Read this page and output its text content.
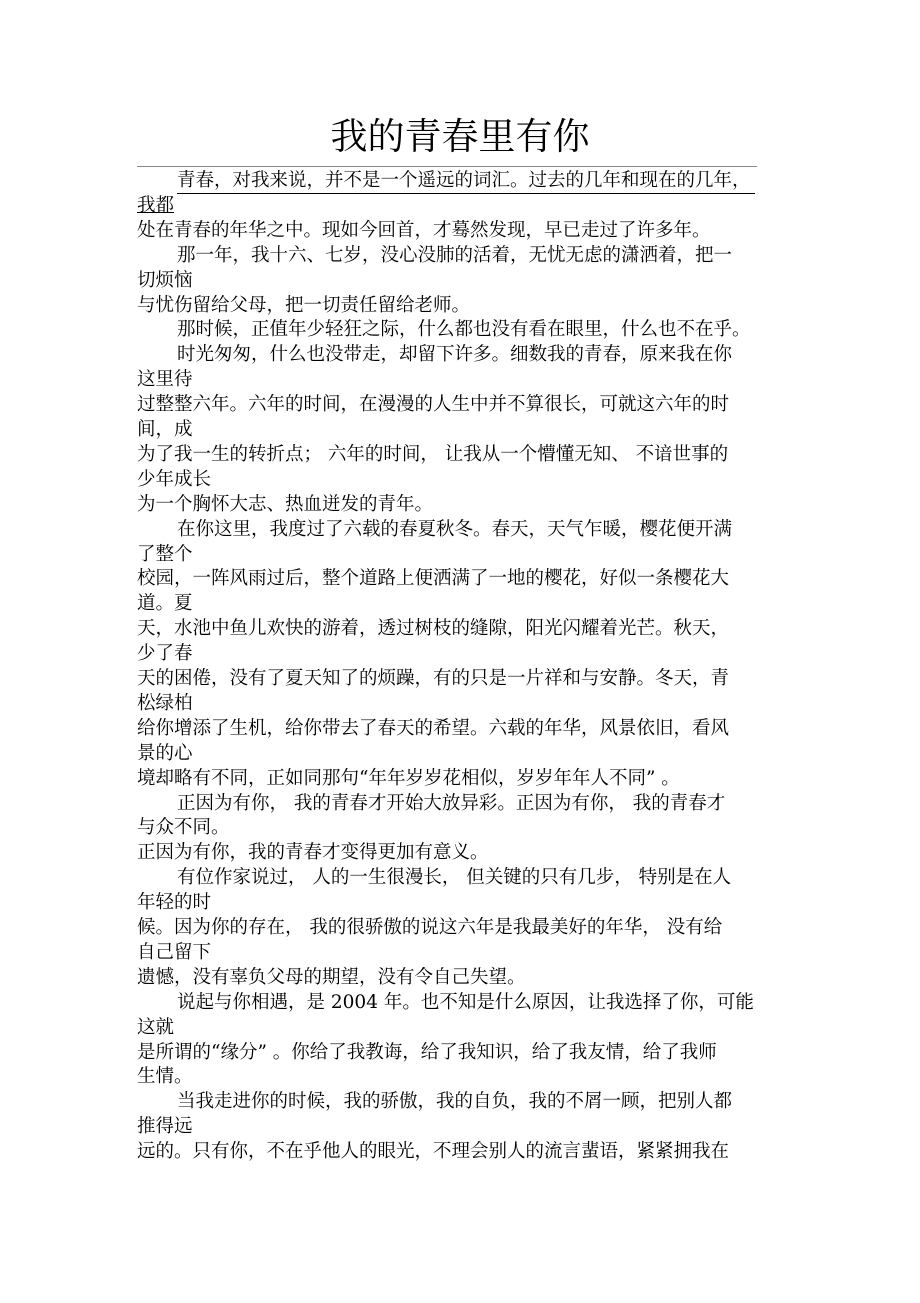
我的青春里有你
青春，对我来说，并不是一个遥远的词汇。过去的几年和现在的几年，
我都
处在青春的年华之中。现如今回首，才蓦然发现，早已走过了许多年。
那一年，我十六、七岁，没心没肺的活着，无忧无虑的潇洒着，把一
切烦恼
与忧伤留给父母，把一切责任留给老师。
那时候，正值年少轻狂之际，什么都也没有看在眼里，什么也不在乎。
时光匆匆，什么也没带走，却留下许多。细数我的青春，原来我在你
这里待
过整整六年。六年的时间，在漫漫的人生中并不算很长，可就这六年的时
间，成
为了我一生的转折点； 六年的时间， 让我从一个懵懂无知、 不谙世事的
少年成长
为一个胸怀大志、热血迸发的青年。
在你这里，我度过了六载的春夏秋冬。春天，天气乍暖，樱花便开满
了整个
校园，一阵风雨过后，整个道路上便洒满了一地的樱花，好似一条樱花大
道。夏
天，水池中鱼儿欢快的游着，透过树枝的缝隙，阳光闪耀着光芒。秋天，
少了春
天的困倦，没有了夏天知了的烦躁，有的只是一片祥和与安静。冬天，青
松绿柏
给你增添了生机，给你带去了春天的希望。六载的年华，风景依旧，看风
景的心
境却略有不同，正如同那句“年年岁岁花相似，岁岁年年人不同” 。
正因为有你， 我的青春才开始大放异彩。正因为有你， 我的青春才
与众不同。
正因为有你，我的青春才变得更加有意义。
有位作家说过， 人的一生很漫长， 但关键的只有几步， 特别是在人
年轻的时
候。因为你的存在， 我的很骄傲的说这六年是我最美好的年华， 没有给
自己留下
遗憾，没有辜负父母的期望，没有令自己失望。
说起与你相遇，是 2004 年。也不知是什么原因，让我选择了你，可能
这就
是所谓的“缘分” 。你给了我教诲，给了我知识，给了我友情，给了我师
生情。
当我走进你的时候，我的骄傲，我的自负，我的不屑一顾，把别人都
推得远
远的。只有你，不在乎他人的眼光，不理会别人的流言蜚语，紧紧拥我在
